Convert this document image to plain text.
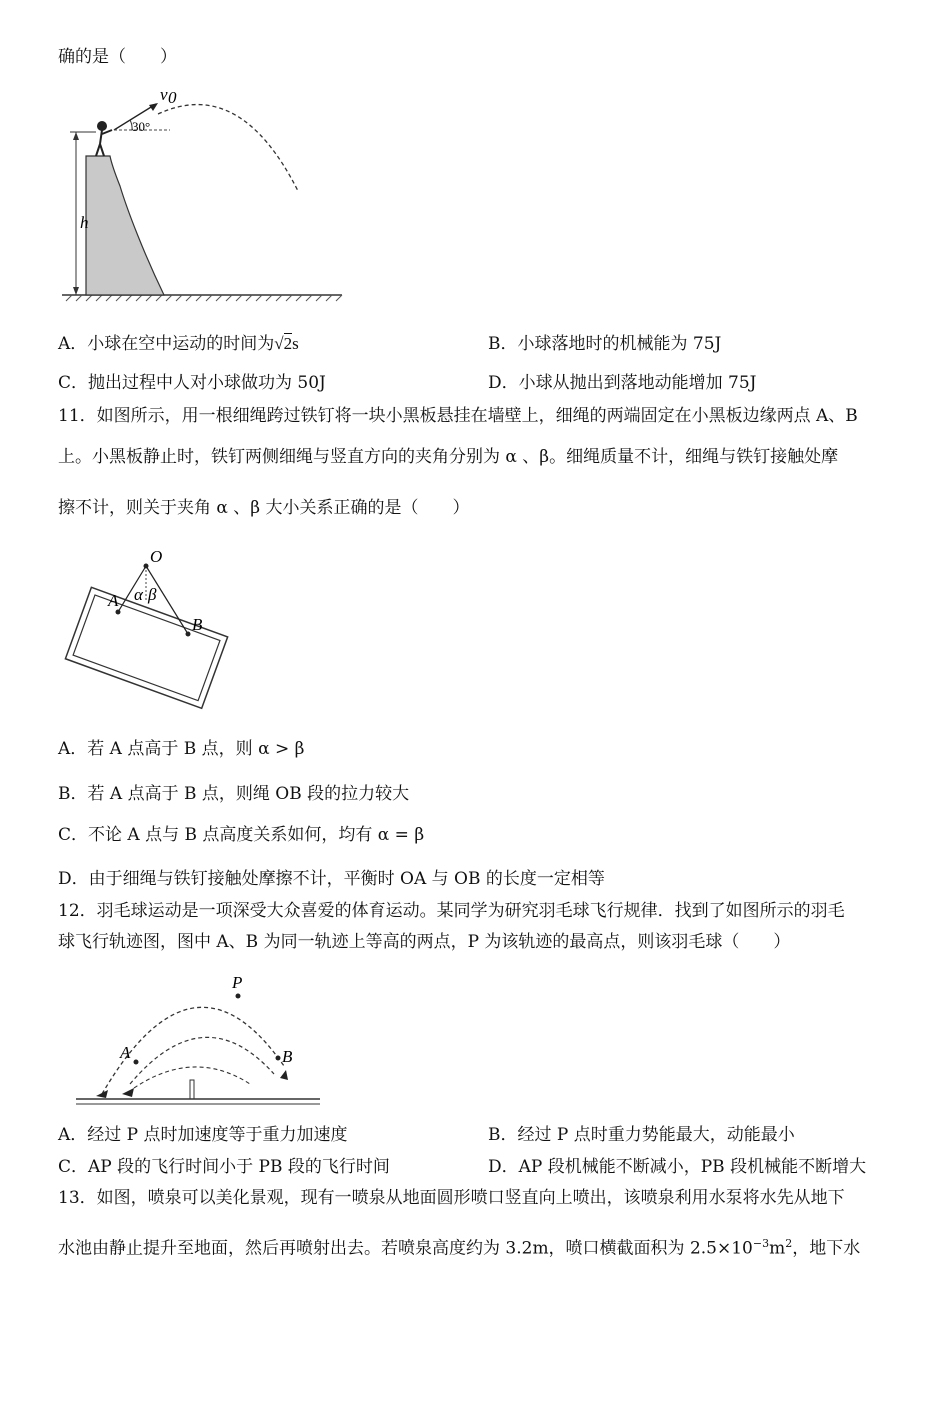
确的是（　　）
h
v 0
30°
A．小球在空中运动的时间为√2s	B．小球落地时的机械能为 75J
C．抛出过程中人对小球做功为 50J	D．小球从抛出到落地动能增加 75J
11．如图所示，用一根细绳跨过铁钉将一块小黑板悬挂在墙壁上，细绳的两端固定在小黑板边缘两点 A、B
上。小黑板静止时，铁钉两侧细绳与竖直方向的夹角分别为 α 、β。细绳质量不计，细绳与铁钉接触处摩
擦不计，则关于夹角 α 、β 大小关系正确的是（　　）
O
A
B
α β
A．若 A 点高于 B 点，则 α > β
B．若 A 点高于 B 点，则绳 OB 段的拉力较大
C．不论 A 点与 B 点高度关系如何，均有 α = β
D．由于细绳与铁钉接触处摩擦不计，平衡时 OA 与 OB 的长度一定相等
12．羽毛球运动是一项深受大众喜爱的体育运动。某同学为研究羽毛球飞行规律．找到了如图所示的羽毛
球飞行轨迹图，图中 A、B 为同一轨迹上等高的两点，P 为该轨迹的最高点，则该羽毛球（　　）
P
A	B
A．经过 P 点时加速度等于重力加速度	B．经过 P 点时重力势能最大，动能最小
C．AP 段的飞行时间小于 PB 段的飞行时间	D．AP 段机械能不断减小，PB 段机械能不断增大
13．如图，喷泉可以美化景观，现有一喷泉从地面圆形喷口竖直向上喷出，该喷泉利用水泵将水先从地下
水池由静止提升至地面，然后再喷射出去。若喷泉高度约为 3.2m，喷口横截面积为 $2.5\times 10^{-3}m^2$，地下水
